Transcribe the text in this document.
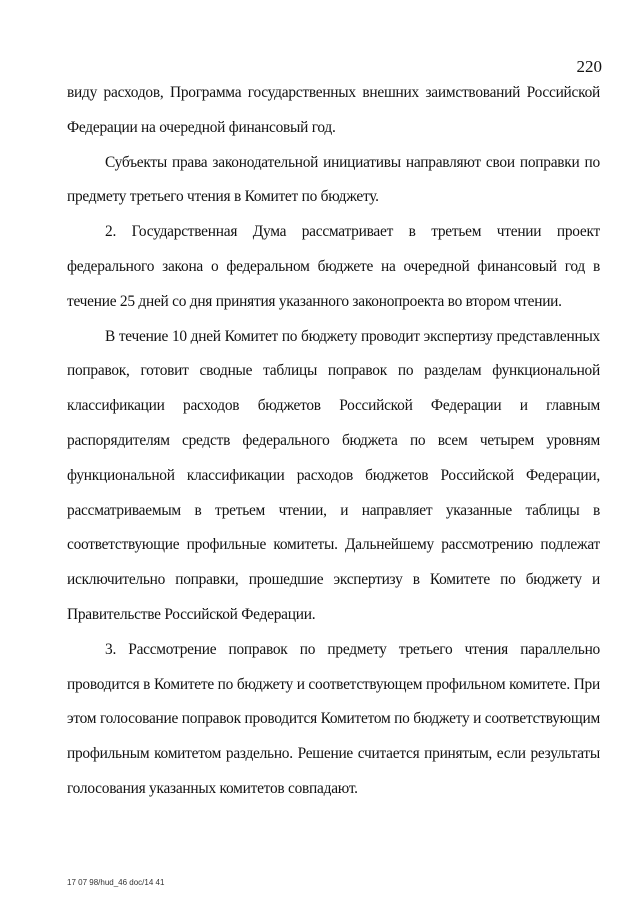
220

виду расходов, Программа государственных внешних заимствований Российской Федерации на очередной финансовый год.

Субъекты права законодательной инициативы направляют свои поправки по предмету третьего чтения в Комитет по бюджету.

2. Государственная Дума рассматривает в третьем чтении проект федерального закона о федеральном бюджете на очередной финансовый год в течение 25 дней со дня принятия указанного законопроекта во втором чтении.

В течение 10 дней Комитет по бюджету проводит экспертизу представленных поправок, готовит сводные таблицы поправок по разделам функциональной классификации расходов бюджетов Российской Федерации и главным распорядителям средств федерального бюджета по всем четырем уровням функциональной классификации расходов бюджетов Российской Федерации, рассматриваемым в третьем чтении, и направляет указанные таблицы в соответствующие профильные комитеты. Дальнейшему рассмотрению подлежат исключительно поправки, прошедшие экспертизу в Комитете по бюджету и Правительстве Российской Федерации.

3. Рассмотрение поправок по предмету третьего чтения параллельно проводится в Комитете по бюджету и соответствующем профильном комитете. При этом голосование поправок проводится Комитетом по бюджету и соответствующим профильным комитетом раздельно. Решение считается принятым, если результаты голосования указанных комитетов совпадают.

17 07 98/hud_46 doc/14 41
